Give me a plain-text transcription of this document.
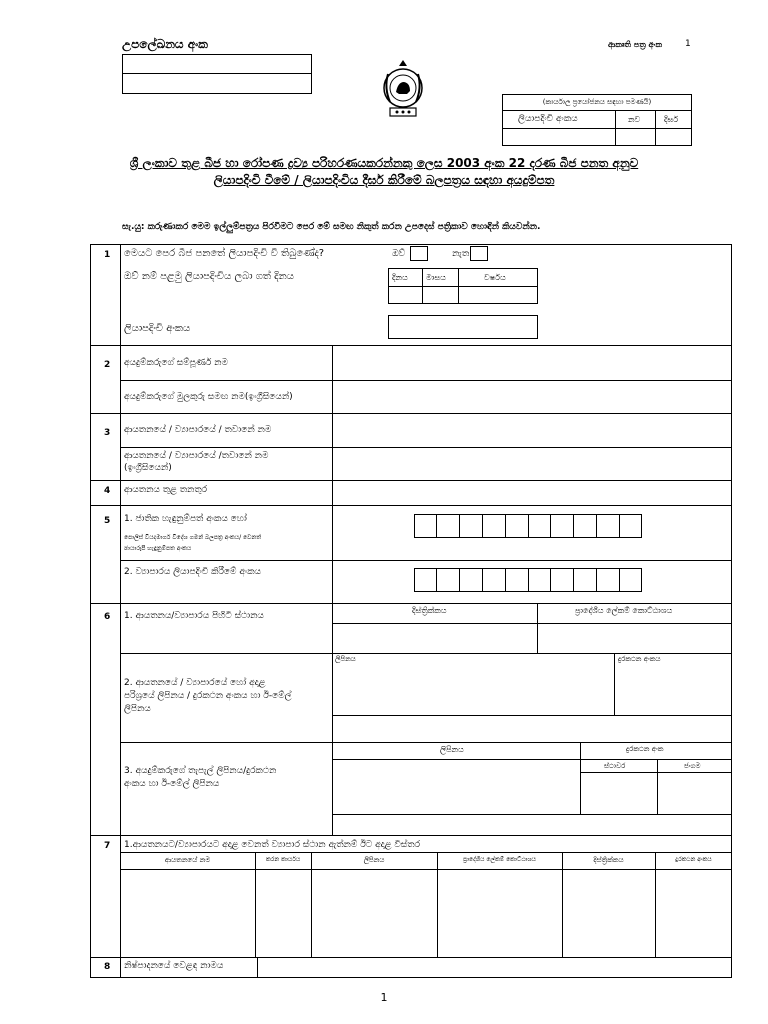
උපලේඛනය අංක	ආකෘති පත්‍ර අංක	1
(කාර්යාල ප්‍රයෝජනය සඳහා පමණයි)
ලියාපදිංචි අංකය	නව	දිර්ඝ
ශ්‍රී ලංකාව තුළ බීජ හා රෝපණ ද්‍රව්‍ය පරිහරණයකරන්නකු ලෙස 2003 අංක 22 දරණ බීජ පනත අනුව
ලියාපදිංචි වීමේ / ලියාපදිංචිය දීර්ඝ කිරීමේ බලපත්‍රය සඳහා අයදුම්පත
සැ.යු: කරුණාකර මෙම ඉල්ලුම්පත්‍රය පිරවීමට පෙර මේ සමඟ නිකුත් කරන උපදෙස් පත්‍රිකාව හොඳින් කියවන්න.
1 මෙයට පෙර බීජ පනතේ ලියාපදිංචි වී තිබුණේද?	ඔව්	නැත
ඔව් නම් පළමු ලියාපදිංචිය ලබා ගත් දිනය	දිනය මාසය	වර්ෂය
ලියාපදිංචි අංකය
2 අයදුම්කරුගේ සම්පූර්ණ නම
අයදුම්කරුගේ මුලකුරු සමඟ නම(ඉංග්‍රීසියෙන්)
3 ආයතනයේ / ව්‍යාපාරයේ / තවානේ නම
ආයතනයේ / ව්‍යාපාරයේ /තවානේ නම
(ඉංග්‍රීසියෙන්)
4 ආයතනය තුළ තනතුර
5 1. ජාතික හැඳුනුම්පත් අංකය හෝ
පොලිස් වියදමාර්ග විදේශ ගමන් බලපත්‍ර අංකය/ වෙනත්
ඡායාරූපී හැඳුනුම්පත අංකය
2. ව්‍යාපාරය ලියාපදිංචි කිරීමේ අංකය
6 1. ආයතනය/ව්‍යාපාරය පිහිටි ස්ථානය
දිස්ත්‍රික්කය	ප්‍රාදේශීය ලේකම් කොට්ඨාශය
2. ආයතනයේ / ව්‍යාපාරයේ හෝ අදාළ
පරිශ්‍රයේ ලිපිනය / දුරකථන අංකය හා ඊ-මේල්
ලිපිනය
ලිපිනය	දුරකථන අංකය
3. අයදුම්කරුගේ තැපැල් ලිපිනය/දුරකථන
අංකය හා ඊ-මේල් ලිපිනය
ලිපිනය	දුරකථන අංක
ස්ථාවර	ජංගම
7 1.ආයතනයට/ව්‍යාපාරයට අදාළ වෙනත් ව්‍යාපාර ස්ථාන ඇත්නම් ඊට අදාළ විස්තර
ආයතනයේ නම	කරන කාර්යය	ලිපිනය	ප්‍රාදේශීය ලේකම් කොට්ඨාශය	දිස්ත්‍රික්කය	දුරකථන අංකය
8 නිෂ්පාදනයේ වෙළඳ නාමය
1
